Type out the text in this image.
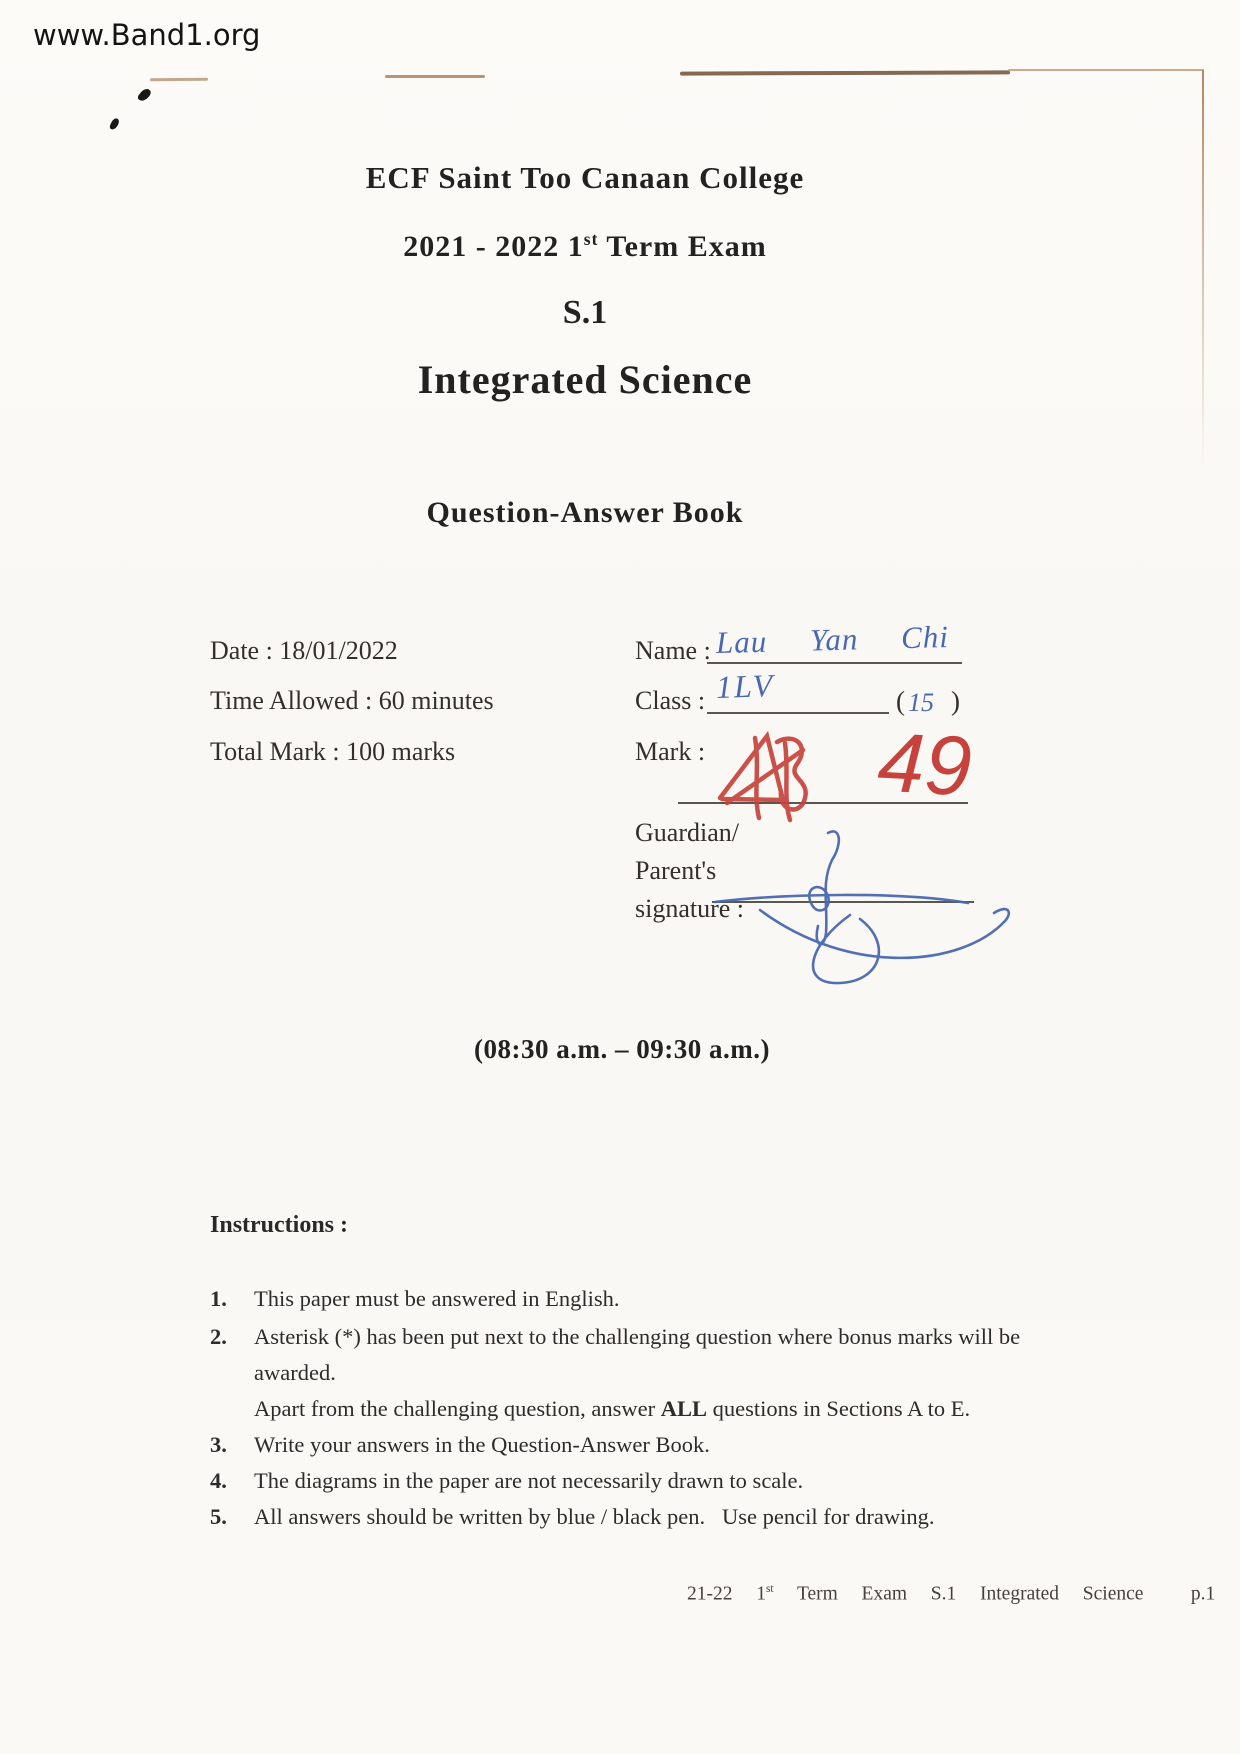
www.Band1.org
ECF Saint Too Canaan College
2021 - 2022 1st Term Exam
S.1
Integrated Science
Question-Answer Book
Date : 18/01/2022
Time Allowed : 60 minutes
Total Mark : 100 marks
Name : Lau Yan Chi
Class : 1LV	( 15 )
Mark : 49
Guardian/
Parent's
signature :
(08:30 a.m. – 09:30 a.m.)
Instructions :
1.	This paper must be answered in English.
2.	Asterisk (*) has been put next to the challenging question where bonus marks will be awarded.
Apart from the challenging question, answer ALL questions in Sections A to E.
3.	Write your answers in the Question-Answer Book.
4.	The diagrams in the paper are not necessarily drawn to scale.
5.	All answers should be written by blue / black pen.   Use pencil for drawing.
21-22  1st  Term  Exam  S.1  Integrated  Science    p.1
